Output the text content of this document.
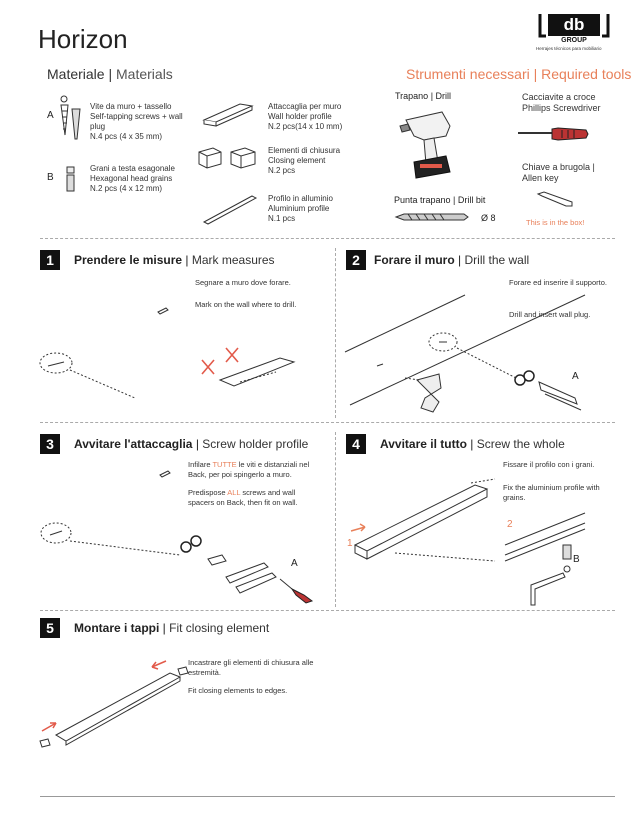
Horizon	db
GROUP
Herrajes técnicos para mobiliario
Materiale | Materials
A
Vite da muro + tassello
Self-tapping screws + wall plug
N.4 pcs (4 x 35 mm)
B
Grani a testa esagonale
Hexagonal head grains
N.2 pcs (4 x 12 mm)
Attaccaglia per muro
Wall holder profile
N.2 pcs(14 x 10 mm)
Elementi di chiusura
Closing element
N.2 pcs
Profilo in alluminio
Aluminium profile
N.1 pcs
Strumenti necessari | Required tools
Trapano | Drill
Punta trapano | Drill bit
Ø 8
Cacciavite a croce
Phillips Screwdriver
Chiave a brugola |
Allen key
This is in the box!
1	Prendere le misure | Mark measures
Segnare a muro dove forare.
Mark on the wall where to drill.
2	Forare il muro | Drill the wall
Forare ed inserire il supporto.
Drill and insert wall plug.
A
3	Avvitare l'attaccaglia | Screw holder profile
Infilare TUTTE le viti e distanziali nel Back, per poi spingerlo a muro.
Predispose ALL screws and wall spacers on Back, then fit on wall.
A
4	Avvitare il tutto | Screw the whole
Fissare il profilo con i grani.
Fix the aluminium profile with grains.
1
2
B
5	Montare i tappi | Fit closing element
Incastrare gli elementi di chiusura alle estremità.
Fit closing elements to edges.
